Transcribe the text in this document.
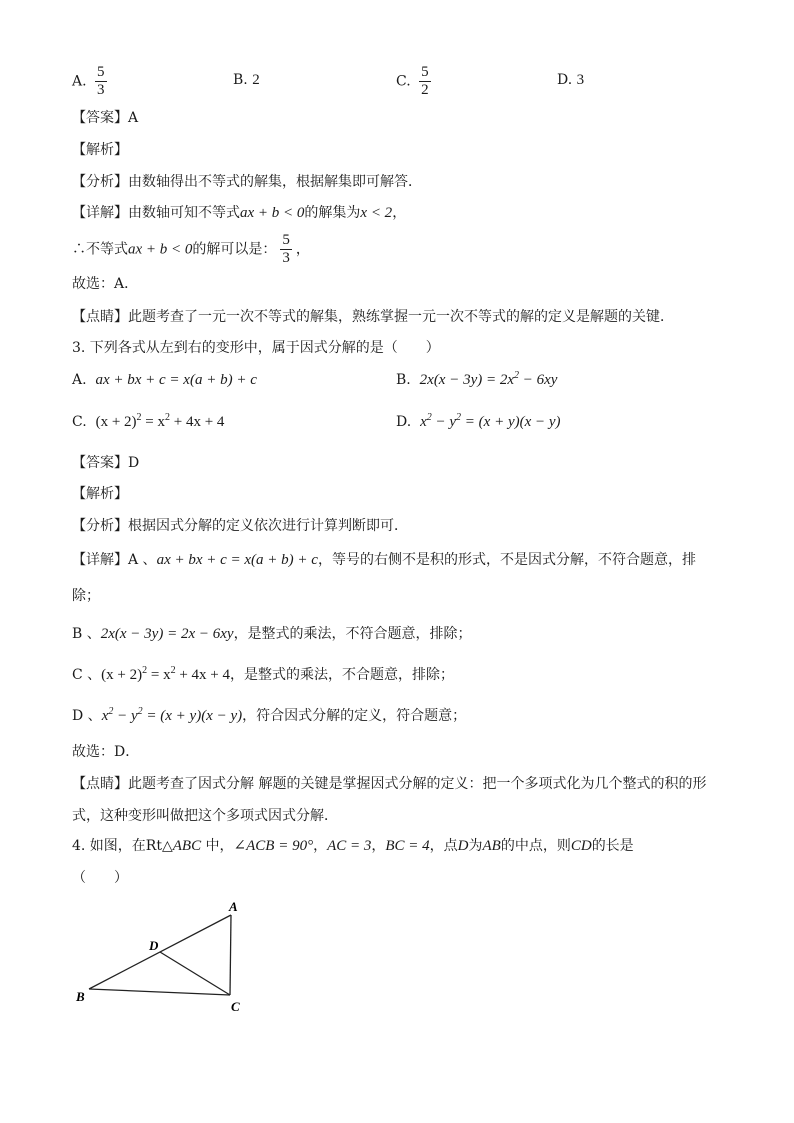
A. $\frac{5}{3}$	B. 2	C. $\frac{5}{2}$	D. 3
【答案】A
【解析】
【分析】由数轴得出不等式的解集，根据解集即可解答．
【详解】由数轴可知不等式ax + b < 0的解集为x < 2，
∴不等式ax + b < 0的解可以是： $\frac{5}{3}$ ，
故选：A．
【点睛】此题考查了一元一次不等式的解集，熟练掌握一元一次不等式的解的定义是解题的关键．
3. 下列各式从左到右的变形中，属于因式分解的是（　　）
A. ax + bx + c = x(a + b) + c	B. $2x(x - 3y) = 2x^2 - 6xy$
C. $(x + 2)^2 = x^2 + 4x + 4$	D. $x^2 - y^2 = (x + y)(x - y)$
【答案】D
【解析】
【分析】根据因式分解的定义依次进行计算判断即可．
【详解】A 、ax + bx + c = x(a + b) + c，等号的右侧不是积的形式，不是因式分解，不符合题意，排
除；
B 、2x(x − 3y) = 2x − 6xy，是整式的乘法，不符合题意，排除；
C 、$(x + 2)^2 = x^2 + 4x + 4$，是整式的乘法，不合题意，排除；
D 、$x^2 - y^2 = (x + y)(x - y)$，符合因式分解的定义，符合题意；
故选：D．
【点睛】此题考查了因式分解 解题的关键是掌握因式分解的定义：把一个多项式化为几个整式的积的形
式，这种变形叫做把这个多项式因式分解．
4. 如图，在Rt△ABC 中，∠ACB = 90°，AC = 3，BC = 4，点D为AB的中点，则CD的长是
（　　）
A
D
B
C
